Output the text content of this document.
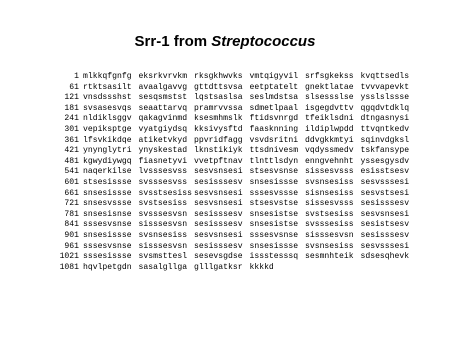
Srr-1 from Streptococcus
1 mlkkqfgnfg eksrkvrvkm rksgkhwvks vmtqigyvil srfsgkekss kvqttsedls
61 rtktsasilt avaalgavvg gttdttsvsa eetptatelt gnektlatae tvvvapevkt
121 vnsdssshst sesqsmstst lqstsaslsa seslmdstsa slsessslse ysslslssse
181 svsasesvqs seaattarvq pramrvvssa sdmetlpaal isgegdvttv qgqdvtdklq
241 nldiklsggv qakagvinmd ksesmhmslk ftidsvnrgd tfeiklsdni dtngasnysi
301 vepiksptge vyatgiydsq kksivysftd faasknning ildiplwpdd ttvqntkedv
361 lfsvkikdqe atiketvkyd ppvridfagg vsvdsritni ddvgkkmtyi sqinvdgksl
421 ynynglytri ynyskestad lknstikiyk ttsdnivesm vqdyssmedv tskfansype
481 kgwydiywgq fiasnetyvi vvetpftnav tlnttlsdyn enngvehnht yssesgysdv
541 naqerkilse lvsssesvss sesvsnsesi stsesvsnse sissesvsss esisstsesv
601 stsesissse svsssesvss sesisssesv snsesissse svsnsesiss sesvsssesi
661 snsesissse svsstsesiss sesvsnsesi sssesvssse sisnsesiss sesvstsesi
721 snsesvssse svstsesiss sesvsnsesi stsesvstse sissesvsss sesisssesv
781 snsesisnse svsssesvsn sesisssesv snsesistse svstsesiss sesvsnsesi
841 sssesvsnse sisssesvsn sesisssesv snsesistse svsssesiss sesistsesv
901 snsesissse svsnsesiss sesvsnsesi sssesvsnse sisssesvsn sesisssesv
961 sssesvsnse sisssesvsn sesisssesv snsesissse svsnsesiss sesvsssesi
1021 sssesissse svsmsttesl sesevsgdse issstesssq sesmnhteik sdsesqhevk
1081 hqvlpetgdn sasalgllga glllgatksr kkkkd
